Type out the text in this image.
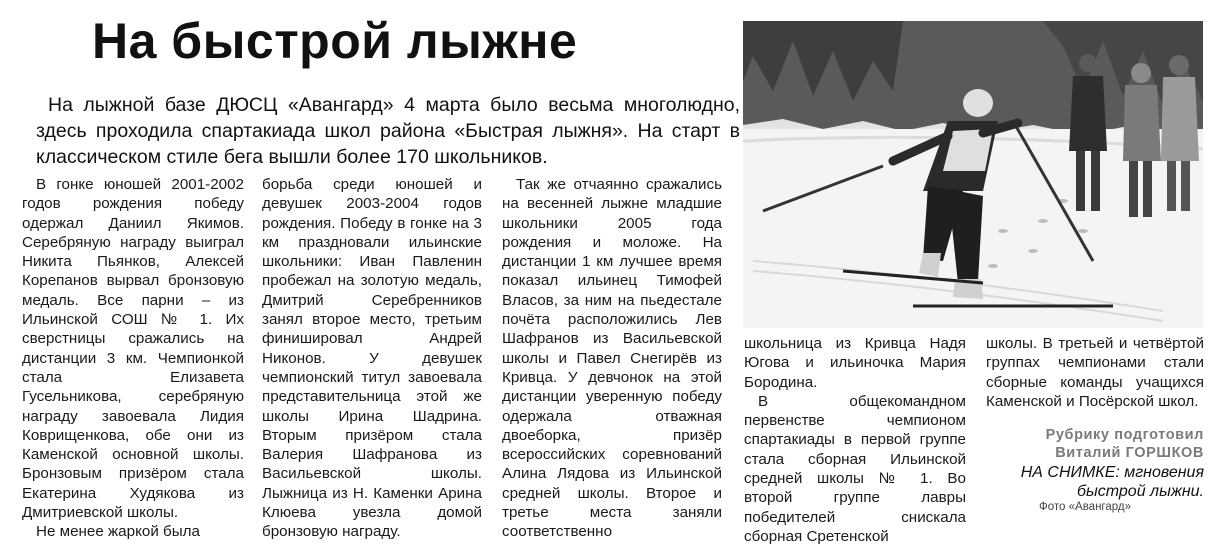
На быстрой лыжне

На лыжной базе ДЮСЦ «Авангард» 4 марта было весьма многолюдно, здесь проходила спартакиада школ района «Быстрая лыжня». На старт в классическом стиле бега вышли более 170 школьников.

В гонке юношей 2001-2002 годов рождения победу одержал Даниил Якимов. Серебряную награду выиграл Никита Пьянков, Алексей Корепанов вырвал бронзовую медаль. Все парни – из Ильинской СОШ № 1. Их сверстницы сражались на дистанции 3 км. Чемпионкой стала Елизавета Гусельникова, серебряную награду завоевала Лидия Коврищенкова, обе они из Каменской основной школы. Бронзовым призёром стала Екатерина Худякова из Дмитриевской школы.

Не менее жаркой была

борьба среди юношей и девушек 2003-2004 годов рождения. Победу в гонке на 3 км праздновали ильинские школьники: Иван Павленин пробежал на золотую медаль, Дмитрий Серебренников занял второе место, третьим финишировал Андрей Никонов. У девушек чемпионский титул завоевала представительница этой же школы Ирина Шадрина. Вторым призёром стала Валерия Шафранова из Васильевской школы. Лыжница из Н. Каменки Арина Клюева увезла домой бронзовую награду.

Так же отчаянно сражались на весенней лыжне младшие школьники 2005 года рождения и моложе. На дистанции 1 км лучшее время показал ильинец Тимофей Власов, за ним на пьедестале почёта расположились Лев Шафранов из Васильевской школы и Павел Снегирёв из Кривца. У девчонок на этой дистанции уверенную победу одержала отважная двоеборка, призёр всероссийских соревнований Алина Лядова из Ильинской средней школы. Второе и третье места заняли соответственно

школьница из Кривца Надя Югова и ильиночка Мария Бородина.

В общекомандном первенстве чемпионом спартакиады в первой группе стала сборная Ильинской средней школы № 1. Во второй группе лавры победителей снискала сборная Сретенской

школы. В третьей и четвёртой группах чемпионами стали сборные команды учащихся Каменской и Посёрской школ.

Рубрику подготовил
Виталий ГОРШКОВ
НА СНИМКЕ: мгновения быстрой лыжни.
Фото «Авангард»
